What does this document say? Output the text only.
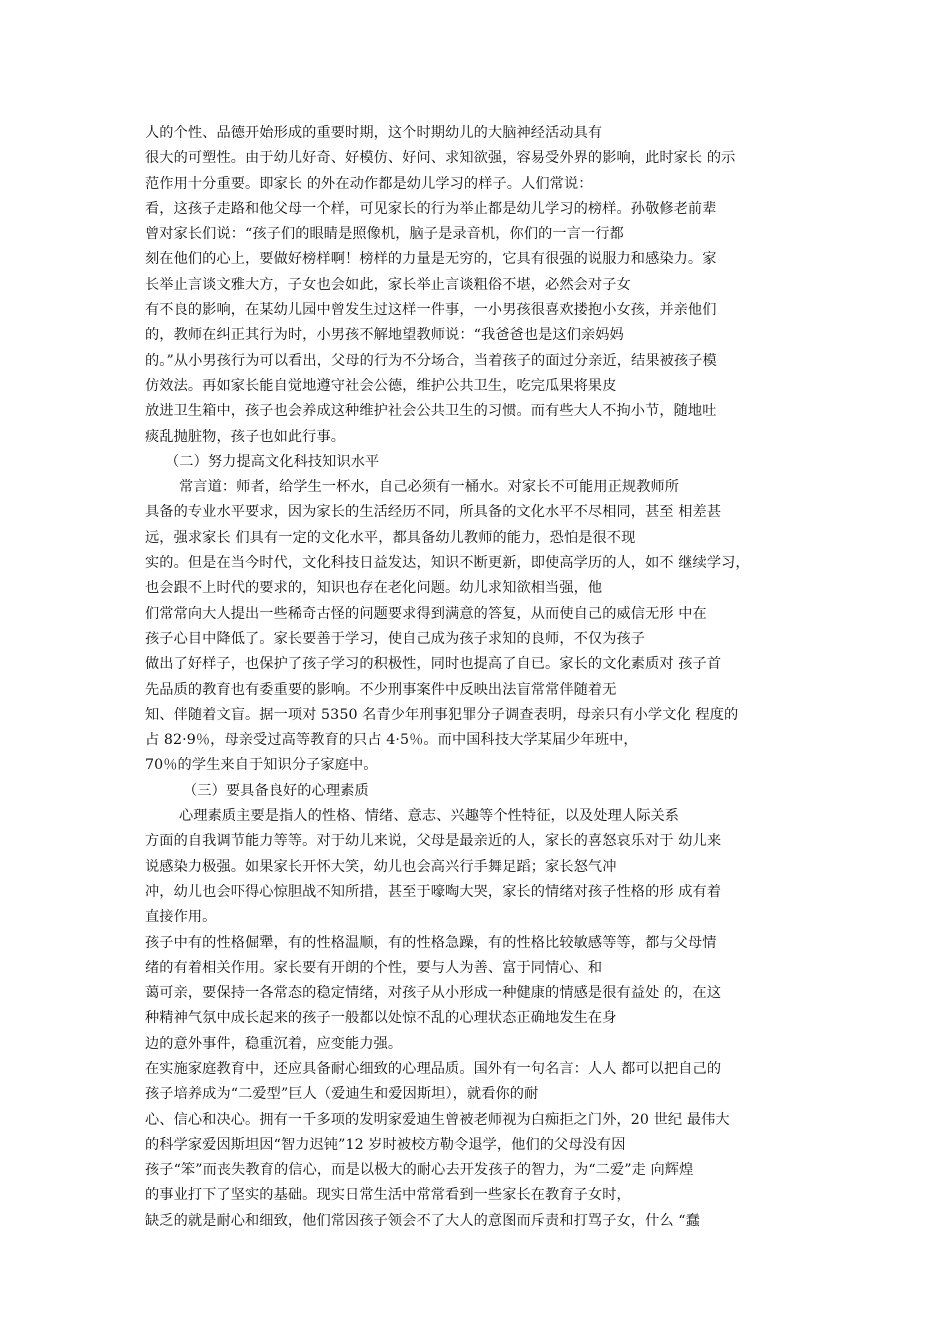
人的个性、品德开始形成的重要时期，这个时期幼儿的大脑神经活动具有
很大的可塑性。由于幼儿好奇、好模仿、好问、求知欲强，容易受外界的影响，此时家长 的示
范作用十分重要。即家长 的外在动作都是幼儿学习的样子。人们常说：
看，这孩子走路和他父母一个样，可见家长的行为举止都是幼儿学习的榜样。孙敬修老前辈
曾对家长们说：“孩子们的眼睛是照像机，脑子是录音机，你们的一言一行都
刻在他们的心上，要做好榜样啊！榜样的力量是无穷的，它具有很强的说服力和感染力。家
长举止言谈文雅大方，子女也会如此，家长举止言谈粗俗不堪，必然会对子女
有不良的影响，在某幼儿园中曾发生过这样一件事，一小男孩很喜欢搂抱小女孩，并亲他们
的，教师在纠正其行为时，小男孩不解地望教师说：“我爸爸也是这们亲妈妈
的。”从小男孩行为可以看出，父母的行为不分场合，当着孩子的面过分亲近，结果被孩子模
仿效法。再如家长能自觉地遵守社会公德，维护公共卫生，吃完瓜果将果皮
放进卫生箱中，孩子也会养成这种维护社会公共卫生的习惯。而有些大人不拘小节，随地吐
痰乱抛脏物，孩子也如此行事。
（二）努力提高文化科技知识水平
常言道：师者，给学生一杯水，自己必须有一桶水。对家长不可能用正规教师所
具备的专业水平要求，因为家长的生活经历不同，所具备的文化水平不尽相同，甚至 相差甚
远，强求家长 们具有一定的文化水平，都具备幼儿教师的能力，恐怕是很不现
实的。但是在当今时代，文化科技日益发达，知识不断更新，即使高学历的人，如不 继续学习，
也会跟不上时代的要求的，知识也存在老化问题。幼儿求知欲相当强，他
们常常向大人提出一些稀奇古怪的问题要求得到满意的答复，从而使自己的威信无形 中在
孩子心目中降低了。家长要善于学习，使自己成为孩子求知的良师，不仅为孩子
做出了好样子，也保护了孩子学习的积极性，同时也提高了自已。家长的文化素质对 孩子首
先品质的教育也有委重要的影响。不少刑事案件中反映出法盲常常伴随着无
知、伴随着文盲。据一项对 5350 名青少年刑事犯罪分子调查表明，母亲只有小学文化 程度的
占 82·9％，母亲受过高等教育的只占 4·5％。而中国科技大学某届少年班中，
70％的学生来自于知识分子家庭中。
（三）要具备良好的心理素质
心理素质主要是指人的性格、情绪、意志、兴趣等个性特征，以及处理人际关系
方面的自我调节能力等等。对于幼儿来说，父母是最亲近的人，家长的喜怒哀乐对于 幼儿来
说感染力极强。如果家长开怀大笑，幼儿也会高兴行手舞足蹈；家长怒气冲
冲，幼儿也会吓得心惊胆战不知所措，甚至于嚎啕大哭，家长的情绪对孩子性格的形 成有着
直接作用。
孩子中有的性格倔犟，有的性格温顺，有的性格急躁，有的性格比较敏感等等，都与父母情
绪的有着相关作用。家长要有开朗的个性，要与人为善、富于同情心、和
蔼可亲，要保持一各常态的稳定情绪，对孩子从小形成一种健康的情感是很有益处 的，在这
种精神气氛中成长起来的孩子一般都以处惊不乱的心理状态正确地发生在身
边的意外事件，稳重沉着，应变能力强。
在实施家庭教育中，还应具备耐心细致的心理品质。国外有一句名言：人人 都可以把自己的
孩子培养成为“二爱型”巨人（爱迪生和爱因斯坦），就看你的耐
心、信心和决心。拥有一千多项的发明家爱迪生曾被老师视为白痴拒之门外，20 世纪 最伟大
的科学家爱因斯坦因“智力迟钝”12 岁时被校方勒令退学，他们的父母没有因
孩子“笨”而丧失教育的信心，而是以极大的耐心去开发孩子的智力，为“二爱”走 向辉煌
的事业打下了坚实的基础。现实日常生活中常常看到一些家长在教育子女时，
缺乏的就是耐心和细致，他们常因孩子领会不了大人的意图而斥责和打骂子女，什么 “蠢
